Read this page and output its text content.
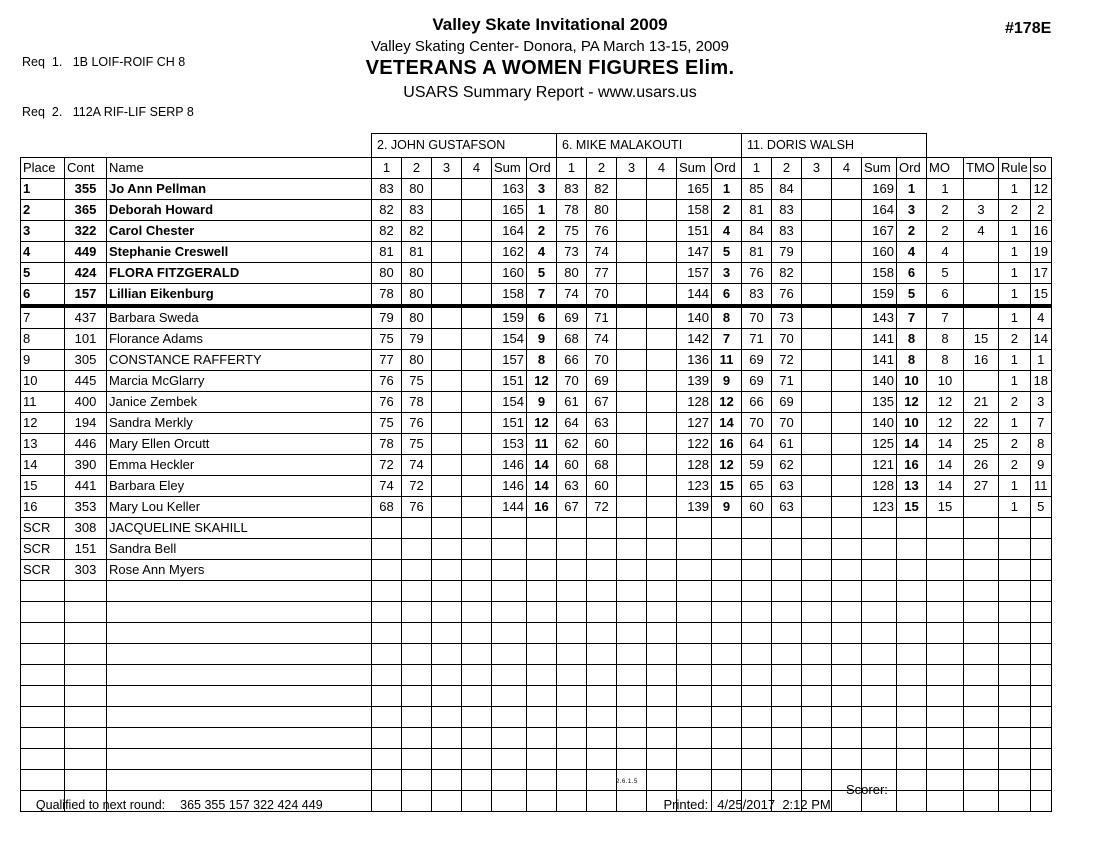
Req  1.   1B LOIF-ROIF CH 8

Req  2.   112A RIF-LIF SERP 8

#178E
Valley Skate Invitational 2009
Valley Skating Center- Donora, PA March 13-15, 2009
VETERANS A WOMEN FIGURES Elim.
USARS Summary Report - www.usars.us
			2. JOHN GUSTAFSON						6. MIKE MALAKOUTI						11. DORIS WALSH									
Place	Cont	Name	1	2	3	4	Sum	Ord	1	2	3	4	Sum	Ord	1	2	3	4	Sum	Ord	MO	TMO	Rule	so
1	355	Jo Ann Pellman	83	80			163	3	83	82			165	1	85	84			169	1	1		1	12
2	365	Deborah Howard	82	83			165	1	78	80			158	2	81	83			164	3	2	3	2	2
3	322	Carol Chester	82	82			164	2	75	76			151	4	84	83			167	2	2	4	1	16
4	449	Stephanie Creswell	81	81			162	4	73	74			147	5	81	79			160	4	4		1	19
5	424	FLORA FITZGERALD	80	80			160	5	80	77			157	3	76	82			158	6	5		1	17
6	157	Lillian Eikenburg	78	80			158	7	74	70			144	6	83	76			159	5	6		1	15
7	437	Barbara Sweda	79	80			159	6	69	71			140	8	70	73			143	7	7		1	4
8	101	Florance Adams	75	79			154	9	68	74			142	7	71	70			141	8	8	15	2	14
9	305	CONSTANCE RAFFERTY	77	80			157	8	66	70			136	11	69	72			141	8	8	16	1	1
10	445	Marcia McGlarry	76	75			151	12	70	69			139	9	69	71			140	10	10		1	18
11	400	Janice Zembek	76	78			154	9	61	67			128	12	66	69			135	12	12	21	2	3
12	194	Sandra Merkly	75	76			151	12	64	63			127	14	70	70			140	10	12	22	1	7
13	446	Mary Ellen Orcutt	78	75			153	11	62	60			122	16	64	61			125	14	14	25	2	8
14	390	Emma Heckler	72	74			146	14	60	68			128	12	59	62			121	16	14	26	2	9
15	441	Barbara Eley	74	72			146	14	63	60			123	15	65	63			128	13	14	27	1	11
16	353	Mary Lou Keller	68	76			144	16	67	72			139	9	60	63			123	15	15		1	5
SCR	308	JACQUELINE SKAHILL																						
SCR	151	Sandra Bell																						
SCR	303	Rose Ann Myers																						

Qualified to next round: 365 355 157 322 424 449

2.6.1.5

Printed: 4/25/2017  2:12 PM

Scorer:
